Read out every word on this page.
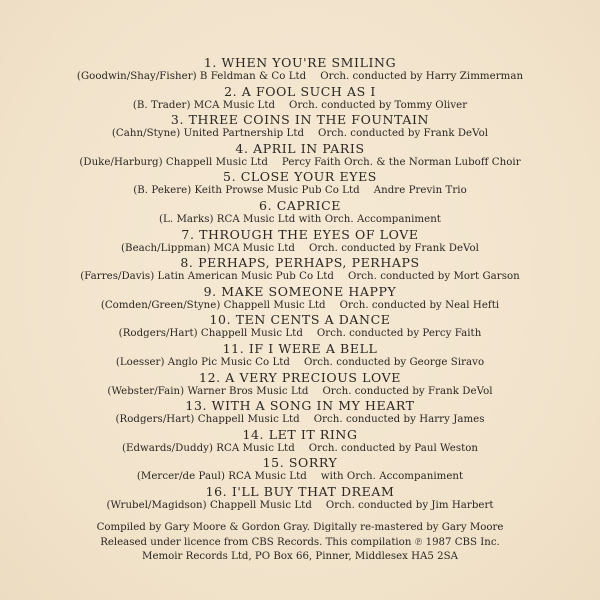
1. WHEN YOU'RE SMILING
(Goodwin/Shay/Fisher) B Feldman & Co Ltd Orch. conducted by Harry Zimmerman
2. A FOOL SUCH AS I
(B. Trader) MCA Music Ltd Orch. conducted by Tommy Oliver
3. THREE COINS IN THE FOUNTAIN
(Cahn/Styne) United Partnership Ltd Orch. conducted by Frank DeVol
4. APRIL IN PARIS
(Duke/Harburg) Chappell Music Ltd Percy Faith Orch. & the Norman Luboff Choir
5. CLOSE YOUR EYES
(B. Pekere) Keith Prowse Music Pub Co Ltd Andre Previn Trio
6. CAPRICE
(L. Marks) RCA Music Ltd with Orch. Accompaniment
7. THROUGH THE EYES OF LOVE
(Beach/Lippman) MCA Music Ltd Orch. conducted by Frank DeVol
8. PERHAPS, PERHAPS, PERHAPS
(Farres/Davis) Latin American Music Pub Co Ltd Orch. conducted by Mort Garson
9. MAKE SOMEONE HAPPY
(Comden/Green/Styne) Chappell Music Ltd Orch. conducted by Neal Hefti
10. TEN CENTS A DANCE
(Rodgers/Hart) Chappell Music Ltd Orch. conducted by Percy Faith
11. IF I WERE A BELL
(Loesser) Anglo Pic Music Co Ltd Orch. conducted by George Siravo
12. A VERY PRECIOUS LOVE
(Webster/Fain) Warner Bros Music Ltd Orch. conducted by Frank DeVol
13. WITH A SONG IN MY HEART
(Rodgers/Hart) Chappell Music Ltd Orch. conducted by Harry James
14. LET IT RING
(Edwards/Duddy) RCA Music Ltd Orch. conducted by Paul Weston
15. SORRY
(Mercer/de Paul) RCA Music Ltd with Orch. Accompaniment
16. I'LL BUY THAT DREAM
(Wrubel/Magidson) Chappell Music Ltd Orch. conducted by Jim Harbert
Compiled by Gary Moore & Gordon Gray. Digitally re-mastered by Gary Moore
Released under licence from CBS Records. This compilation ℗ 1987 CBS Inc.
Memoir Records Ltd, PO Box 66, Pinner, Middlesex HA5 2SA
